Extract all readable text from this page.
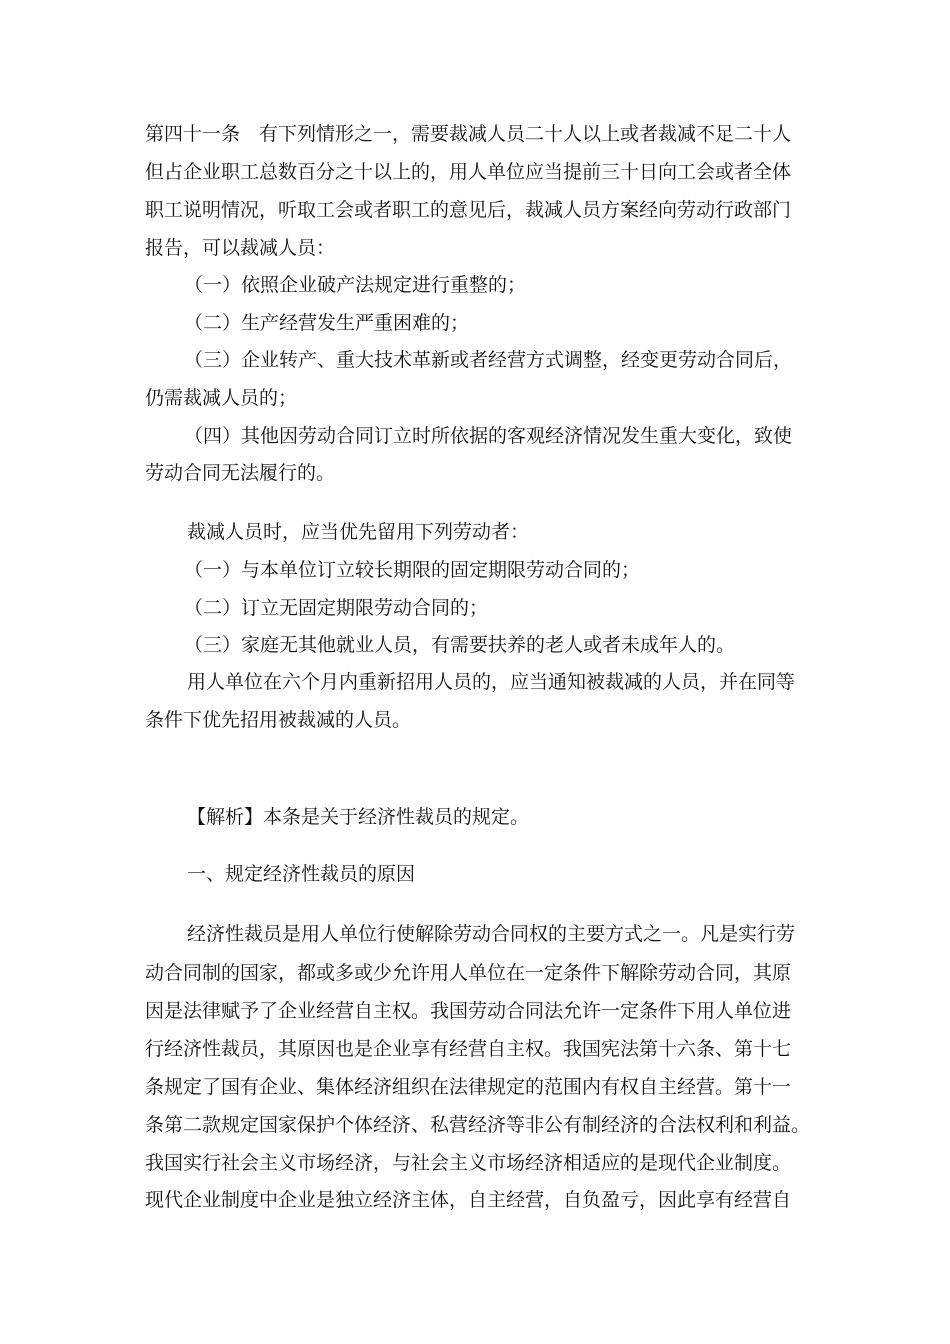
第四十一条　有下列情形之一，需要裁减人员二十人以上或者裁减不足二十人
但占企业职工总数百分之十以上的，用人单位应当提前三十日向工会或者全体
职工说明情况，听取工会或者职工的意见后，裁减人员方案经向劳动行政部门
报告，可以裁减人员：
（一）依照企业破产法规定进行重整的；
（二）生产经营发生严重困难的；
（三）企业转产、重大技术革新或者经营方式调整，经变更劳动合同后，
仍需裁减人员的；
（四）其他因劳动合同订立时所依据的客观经济情况发生重大变化，致使
劳动合同无法履行的。
裁减人员时，应当优先留用下列劳动者：
（一）与本单位订立较长期限的固定期限劳动合同的；
（二）订立无固定期限劳动合同的；
（三）家庭无其他就业人员，有需要扶养的老人或者未成年人的。
用人单位在六个月内重新招用人员的，应当通知被裁减的人员，并在同等
条件下优先招用被裁减的人员。
【解析】本条是关于经济性裁员的规定。
一、规定经济性裁员的原因
经济性裁员是用人单位行使解除劳动合同权的主要方式之一。凡是实行劳
动合同制的国家，都或多或少允许用人单位在一定条件下解除劳动合同，其原
因是法律赋予了企业经营自主权。我国劳动合同法允许一定条件下用人单位进
行经济性裁员，其原因也是企业享有经营自主权。我国宪法第十六条、第十七
条规定了国有企业、集体经济组织在法律规定的范围内有权自主经营。第十一
条第二款规定国家保护个体经济、私营经济等非公有制经济的合法权利和利益。
我国实行社会主义市场经济，与社会主义市场经济相适应的是现代企业制度。
现代企业制度中企业是独立经济主体，自主经营，自负盈亏，因此享有经营自
